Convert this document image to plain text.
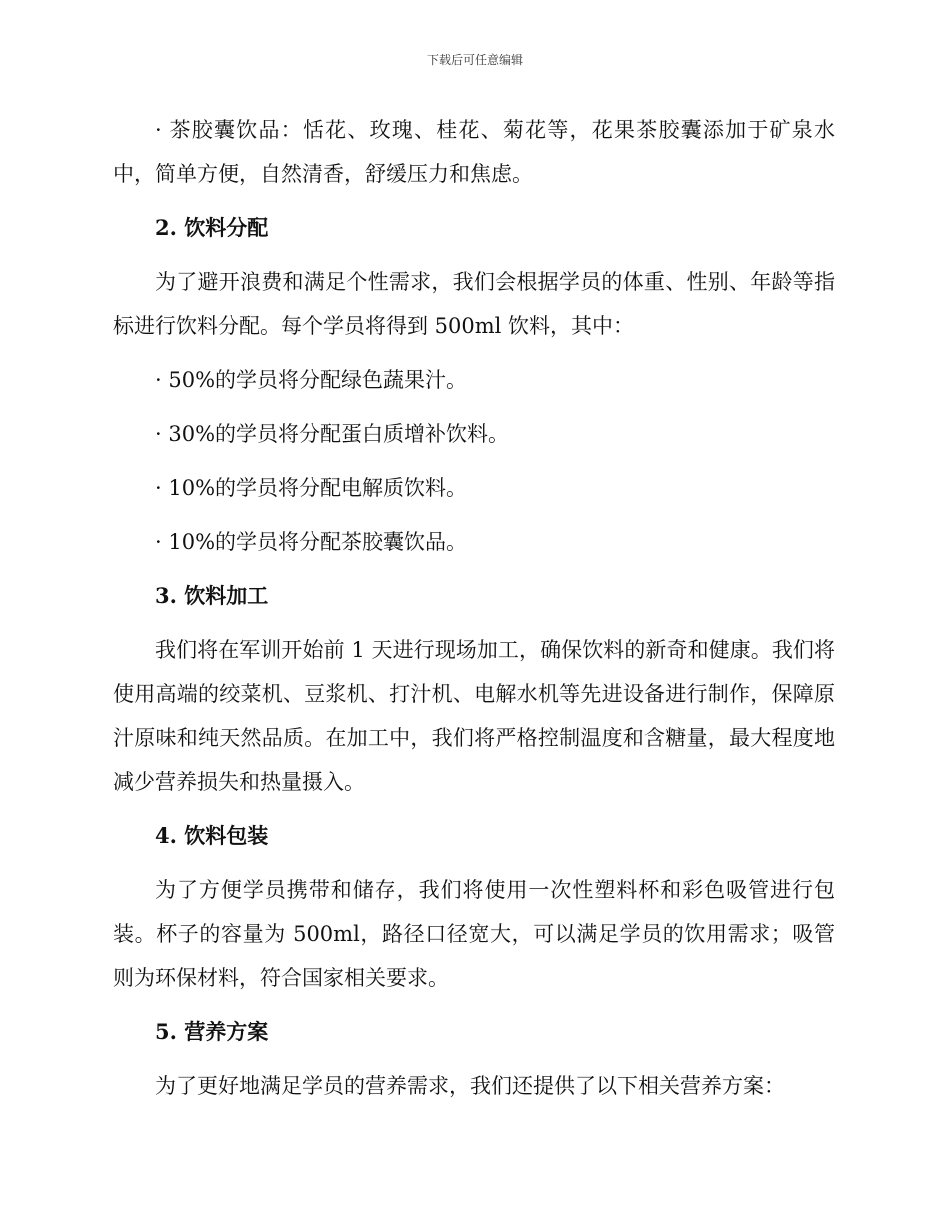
下载后可任意编辑

· 茶胶囊饮品：恬花、玫瑰、桂花、菊花等，花果茶胶囊添加于矿泉水中，简单方便，自然清香，舒缓压力和焦虑。

2. 饮料分配

为了避开浪费和满足个性需求，我们会根据学员的体重、性别、年龄等指标进行饮料分配。每个学员将得到 500ml 饮料，其中：

· 50%的学员将分配绿色蔬果汁。

· 30%的学员将分配蛋白质增补饮料。

· 10%的学员将分配电解质饮料。

· 10%的学员将分配茶胶囊饮品。

3. 饮料加工

我们将在军训开始前 1 天进行现场加工，确保饮料的新奇和健康。我们将使用高端的绞菜机、豆浆机、打汁机、电解水机等先进设备进行制作，保障原汁原味和纯天然品质。在加工中，我们将严格控制温度和含糖量，最大程度地减少营养损失和热量摄入。

4. 饮料包装

为了方便学员携带和储存，我们将使用一次性塑料杯和彩色吸管进行包装。杯子的容量为 500ml，路径口径宽大，可以满足学员的饮用需求；吸管则为环保材料，符合国家相关要求。

5. 营养方案

为了更好地满足学员的营养需求，我们还提供了以下相关营养方案：
